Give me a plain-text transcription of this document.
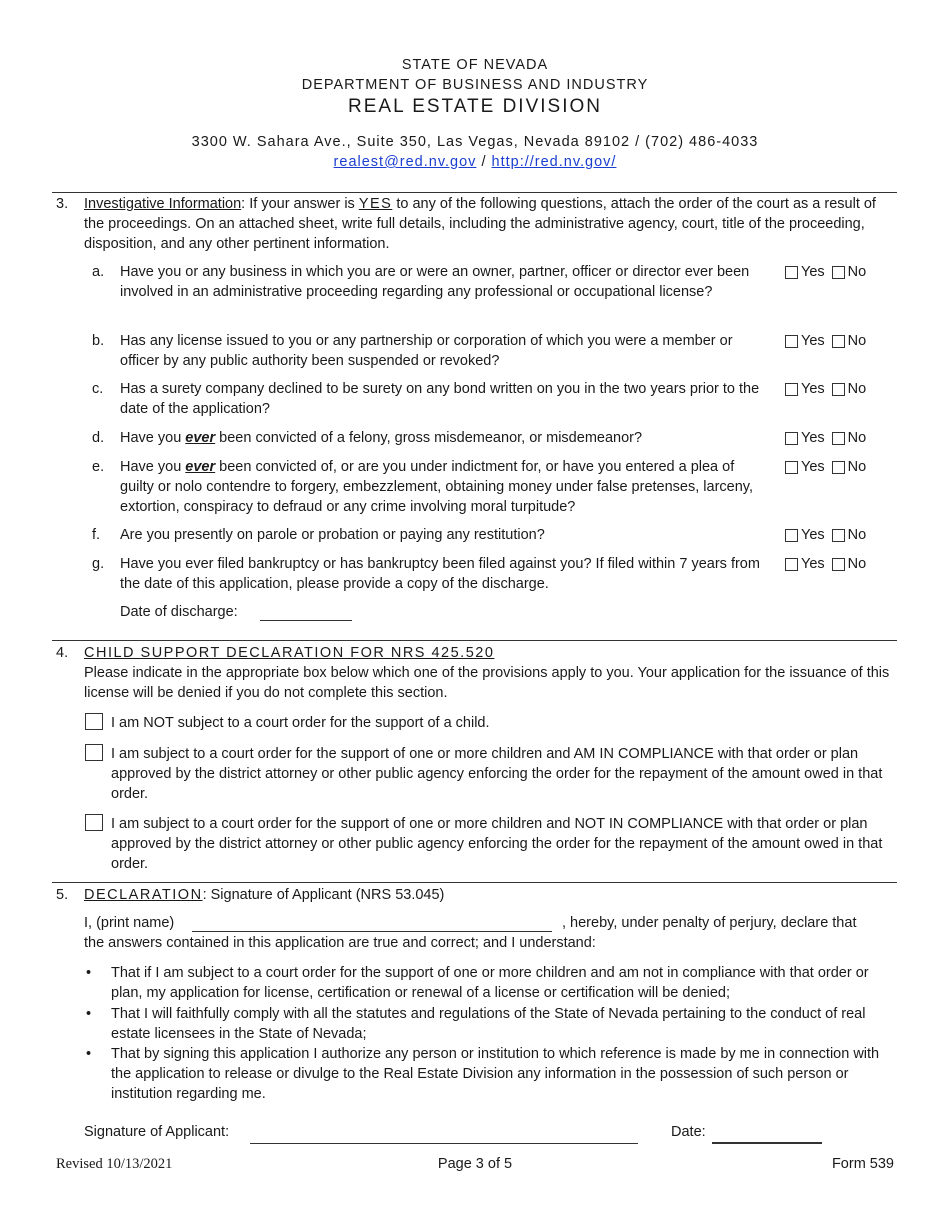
STATE OF NEVADA
DEPARTMENT OF BUSINESS AND INDUSTRY
REAL ESTATE DIVISION
3300 W. Sahara Ave., Suite 350, Las Vegas, Nevada 89102 / (702) 486-4033
realest@red.nv.gov / http://red.nv.gov/
3. Investigative Information: If your answer is YES to any of the following questions, attach the order of the court as a result of the proceedings. On an attached sheet, write full details, including the administrative agency, court, title of the proceeding, disposition, and any other pertinent information.
a.	Have you or any business in which you are or were an owner, partner, officer or director ever been involved in an administrative proceeding regarding any professional or occupational license?
Yes No
b.	Has any license issued to you or any partnership or corporation of which you were a member or officer by any public authority been suspended or revoked?
Yes No
c.	Has a surety company declined to be surety on any bond written on you in the two years prior to the date of the application?
Yes No
d.	Have you ever been convicted of a felony, gross misdemeanor, or misdemeanor?	Yes No
e.	Have you ever been convicted of, or are you under indictment for, or have you entered a plea of guilty or nolo contendre to forgery, embezzlement, obtaining money under false pretenses, larceny, extortion, conspiracy to defraud or any crime involving moral turpitude?
Yes No
f.	Are you presently on parole or probation or paying any restitution?	Yes No
g.	Have you ever filed bankruptcy or has bankruptcy been filed against you? If filed within 7 years from the date of this application, please provide a copy of the discharge.
Yes No
Date of discharge:
4. CHILD SUPPORT DECLARATION FOR NRS 425.520
Please indicate in the appropriate box below which one of the provisions apply to you. Your application for the issuance of this license will be denied if you do not complete this section.
I am NOT subject to a court order for the support of a child.
I am subject to a court order for the support of one or more children and AM IN COMPLIANCE with that order or plan approved by the district attorney or other public agency enforcing the order for the repayment of the amount owed in that order.
I am subject to a court order for the support of one or more children and NOT IN COMPLIANCE with that order or plan approved by the district attorney or other public agency enforcing the order for the repayment of the amount owed in that order.
5. DECLARATION: Signature of Applicant (NRS 53.045)
I, (print name)	, hereby, under penalty of perjury, declare that
the answers contained in this application are true and correct; and I understand:
•	That if I am subject to a court order for the support of one or more children and am not in compliance with that order or plan, my application for license, certification or renewal of a license or certification will be denied;
•	That I will faithfully comply with all the statutes and regulations of the State of Nevada pertaining to the conduct of real estate licensees in the State of Nevada;
•	That by signing this application I authorize any person or institution to which reference is made by me in connection with the application to release or divulge to the Real Estate Division any information in the possession of such person or institution regarding me.
Signature of Applicant:	Date:
Revised 10/13/2021	Page 3 of 5	Form 539
